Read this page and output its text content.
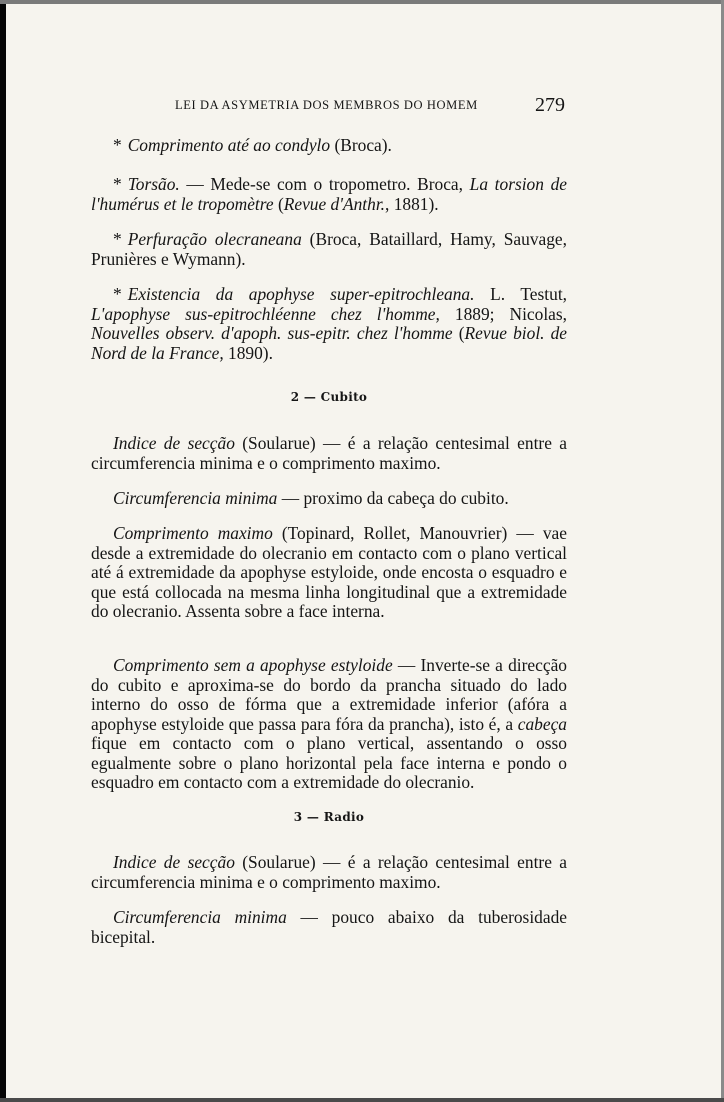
LEI DA ASYMETRIA DOS MEMBROS DO HOMEM	279

* Comprimento até ao condylo (Broca).

* Torsão. — Mede-se com o tropometro. Broca, La torsion de l'humérus et le tropomètre (Revue d'Anthr., 1881).

* Perfuração olecraneana (Broca, Bataillard, Hamy, Sauvage, Prunières e Wymann).

* Existencia da apophyse super-epitrochleana. L. Testut, L'apophyse sus-epitrochléenne chez l'homme, 1889; Nicolas, Nouvelles observ. d'apoph. sus-epitr. chez l'homme (Revue biol. de Nord de la France, 1890).

2 — Cubito

Indice de secção (Soularue) — é a relação centesimal entre a circumferencia minima e o comprimento maximo.

Circumferencia minima — proximo da cabeça do cubito.

Comprimento maximo (Topinard, Rollet, Manouvrier) — vae desde a extremidade do olecranio em contacto com o plano vertical até á extremidade da apophyse estyloide, onde encosta o esquadro e que está collocada na mesma linha longitudinal que a extremidade do olecranio. Assenta sobre a face interna.

Comprimento sem a apophyse estyloide — Inverte-se a direcção do cubito e aproxima-se do bordo da prancha situado do lado interno do osso de fórma que a extremidade inferior (afóra a apophyse estyloide que passa para fóra da prancha), isto é, a cabeça fique em contacto com o plano vertical, assentando o osso egualmente sobre o plano horizontal pela face interna e pondo o esquadro em contacto com a extremidade do olecranio.

3 — Radio

Indice de secção (Soularue) — é a relação centesimal entre a circumferencia minima e o comprimento maximo.

Circumferencia minima — pouco abaixo da tuberosidade bicepital.
